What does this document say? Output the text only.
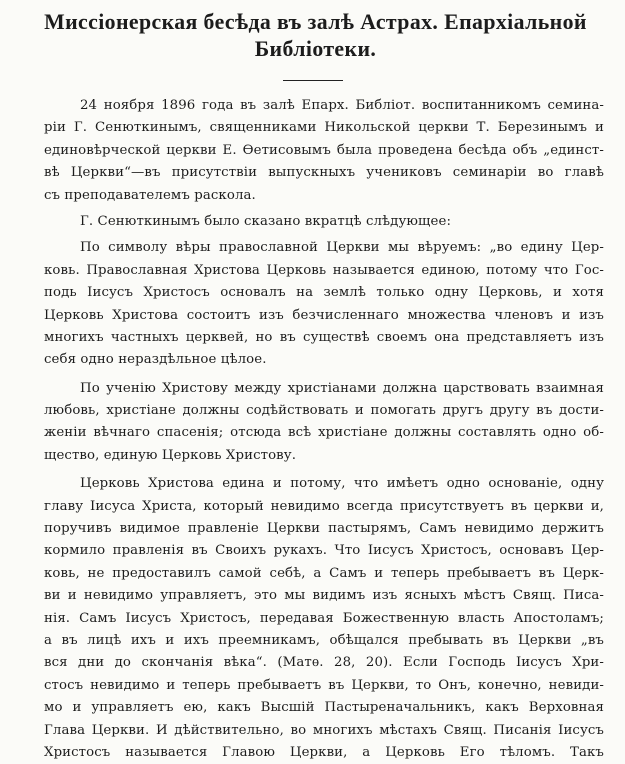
Миссіонерская бесѣда въ залѣ Астрах. Епархіальной
Библіотеки.
24 ноября 1896 года въ залѣ Епарх. Библіот. воспитанникомъ семина-
ріи Г. Сенюткинымъ, священниками Никольской церкви Т. Березинымъ и
единовѣрческой церкви Е. Ѳетисовымъ была проведена бесѣда объ „единст-
вѣ Церкви“—въ присутствіи выпускныхъ учениковъ семинаріи во главѣ
съ преподавателемъ раскола.
Г. Сенюткинымъ было сказано вкратцѣ слѣдующее:
По символу вѣры православной Церкви мы вѣруемъ: „во едину Цер-
ковь. Православная Христова Церковь называется единою, потому что Гос-
подь Іисусъ Христосъ основалъ на землѣ только одну Церковь, и хотя
Церковь Христова состоитъ изъ безчисленнаго множества членовъ и изъ
многихъ частныхъ церквей, но въ существѣ своемъ она представляетъ изъ
себя одно нераздѣльное цѣлое.
По ученію Христову между христіанами должна царствовать взаимная
любовь, христіане должны содѣйствовать и помогать другъ другу въ дости-
женіи вѣчнаго спасенія; отсюда всѣ христіане должны составлять одно об-
щество, единую Церковь Христову.
Церковь Христова едина и потому, что имѣетъ одно основаніе, одну
главу Іисуса Христа, который невидимо всегда присутствуетъ въ церкви и,
поручивъ видимое правленіе Церкви пастырямъ, Самъ невидимо держитъ
кормило правленія въ Своихъ рукахъ. Что Іисусъ Христосъ, основавъ Цер-
ковь, не предоставилъ самой себѣ, а Самъ и теперь пребываетъ въ Церк-
ви и невидимо управляетъ, это мы видимъ изъ ясныхъ мѣстъ Свящ. Писа-
нія. Самъ Іисусъ Христосъ, передавая Божественную власть Апостоламъ;
а въ лицѣ ихъ и ихъ преемникамъ, обѣщался пребывать въ Церкви „въ
вся дни до скончанія вѣка“. (Матѳ. 28, 20). Если Господь Іисусъ Хри-
стосъ невидимо и теперь пребываетъ въ Церкви, то Онъ, конечно, невиди-
мо и управляетъ ею, какъ Высшій Пастыреначальникъ, какъ Верховная
Глава Церкви. И дѣйствительно, во многихъ мѣстахъ Свящ. Писанія Іисусъ
Христосъ называется Главою Церкви, а Церковь Его тѣломъ. Такъ
